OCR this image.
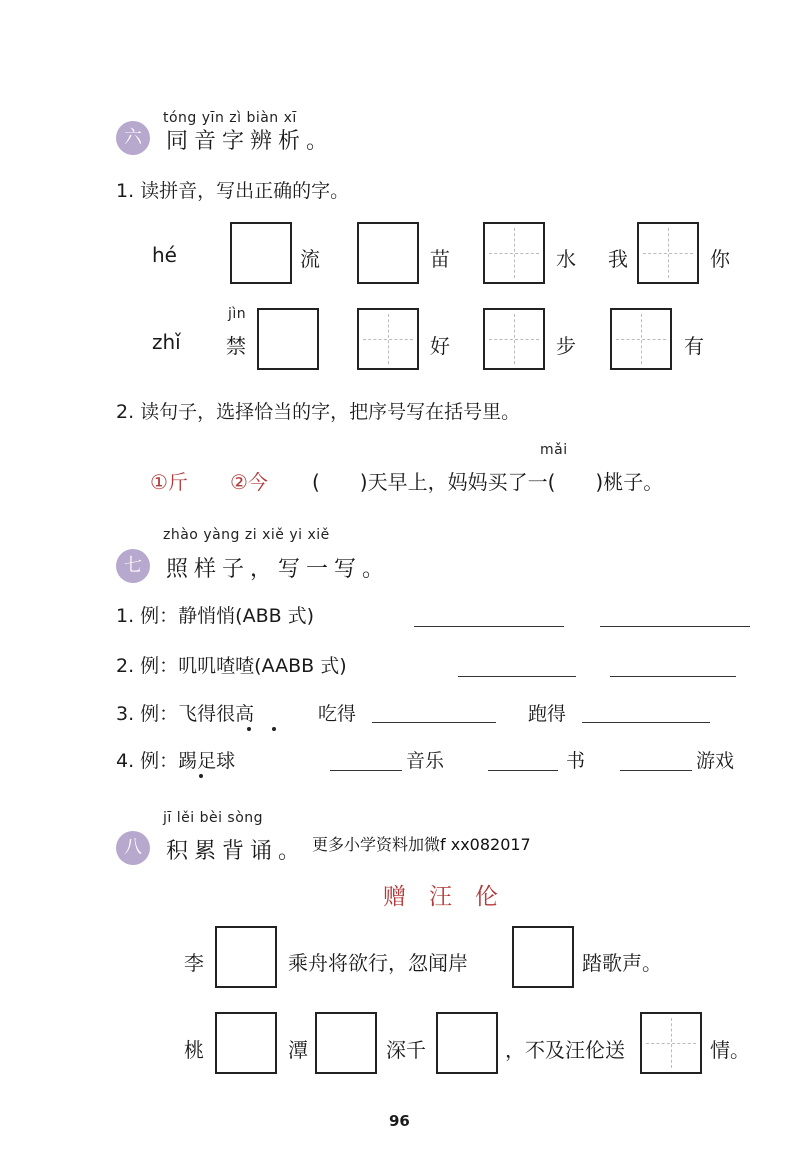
tóng yīn zì biàn xī
六	同音字辨析。
1. 读拼音，写出正确的字。
hé	流	苗	水 我	你
jìn
zhǐ 禁	好	步	有
2. 读句子，选择恰当的字，把序号写在括号里。
mǎi
①斤 ②今 (　　)天早上，妈妈买了一(　　)桃子。
zhào yàng zi xiě yi xiě
七	照样子，写一写。
1. 例：静悄悄(ABB 式)
2. 例：叽叽喳喳(AABB 式)
3. 例：飞得很高	吃得	跑得
4. 例：踢足球	音乐	书	游戏
jī lěi bèi sòng
八	积累背诵。 更多小学资料加微f xx082017
赠　汪　伦
李	乘舟将欲行，忽闻岸	踏歌声。
桃	潭	深千	，不及汪伦送	情。
96
